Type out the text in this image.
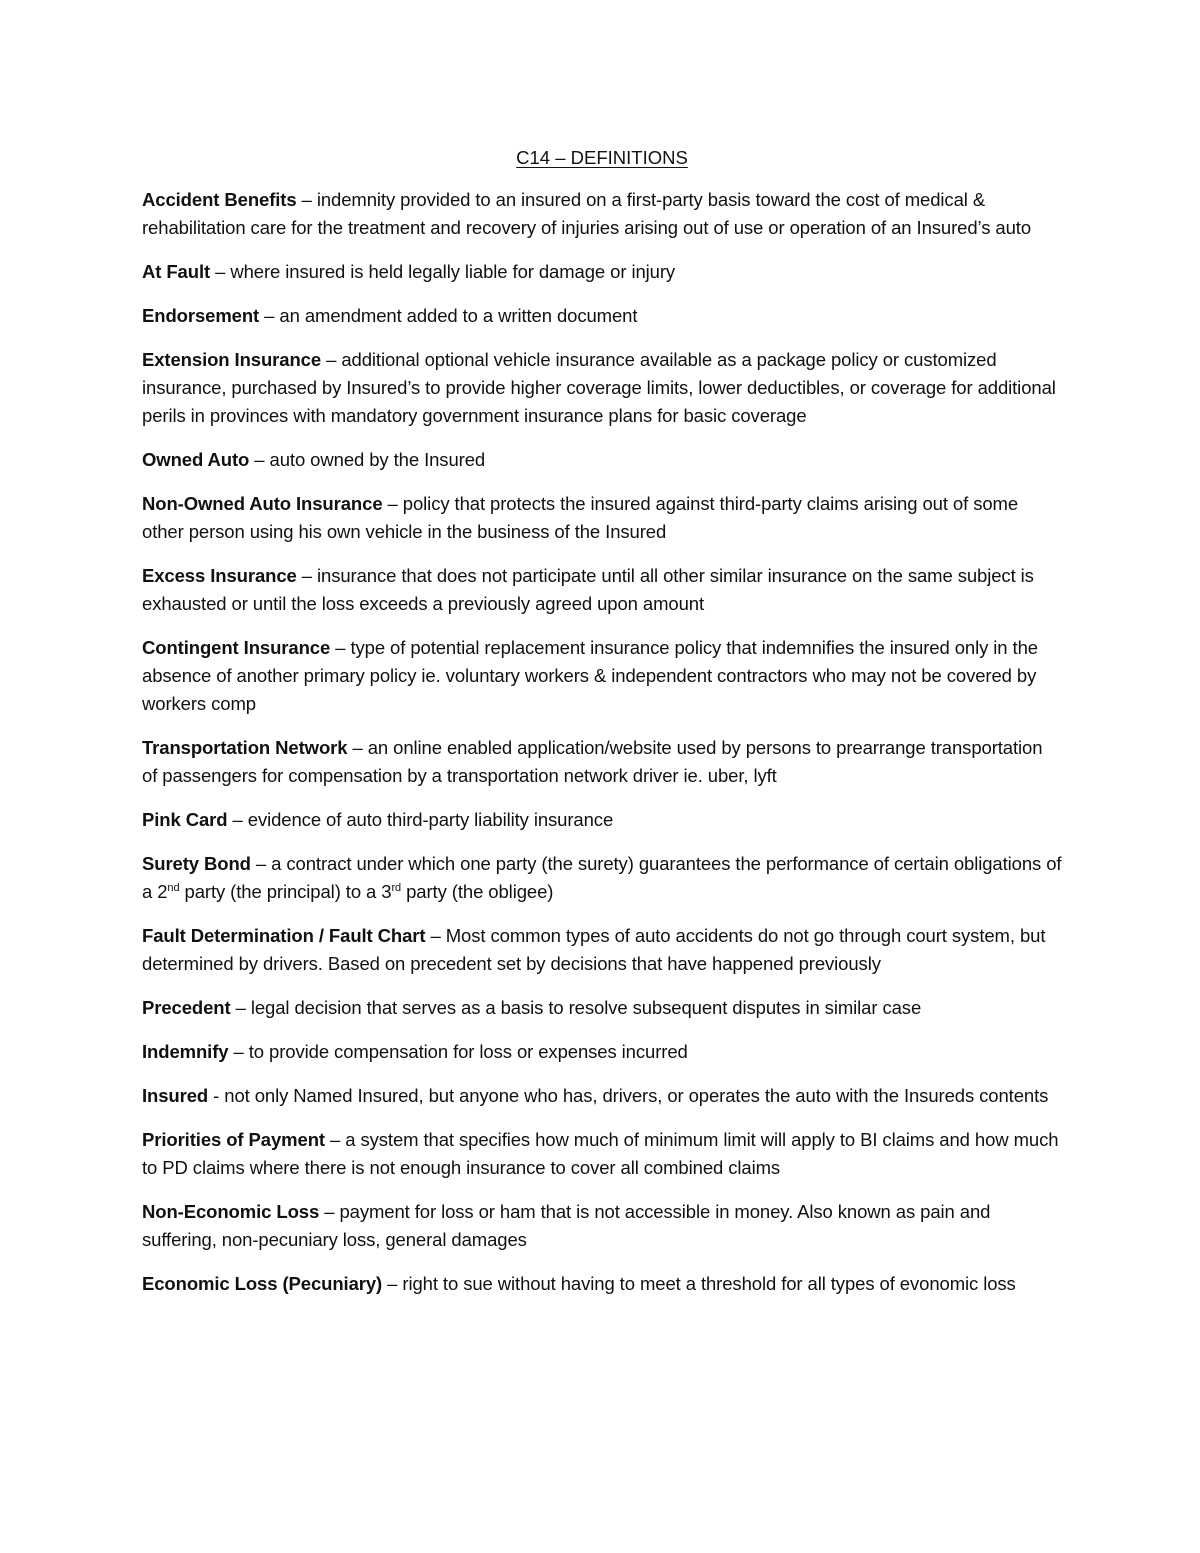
C14 – DEFINITIONS

Accident Benefits – indemnity provided to an insured on a first-party basis toward the cost of medical & rehabilitation care for the treatment and recovery of injuries arising out of use or operation of an Insured’s auto

At Fault – where insured is held legally liable for damage or injury

Endorsement – an amendment added to a written document

Extension Insurance – additional optional vehicle insurance available as a package policy or customized insurance, purchased by Insured’s to provide higher coverage limits, lower deductibles, or coverage for additional perils in provinces with mandatory government insurance plans for basic coverage

Owned Auto – auto owned by the Insured

Non-Owned Auto Insurance – policy that protects the insured against third-party claims arising out of some other person using his own vehicle in the business of the Insured

Excess Insurance – insurance that does not participate until all other similar insurance on the same subject is exhausted or until the loss exceeds a previously agreed upon amount

Contingent Insurance – type of potential replacement insurance policy that indemnifies the insured only in the absence of another primary policy ie. voluntary workers & independent contractors who may not be covered by workers comp

Transportation Network – an online enabled application/website used by persons to prearrange transportation of passengers for compensation by a transportation network driver ie. uber, lyft

Pink Card – evidence of auto third-party liability insurance

Surety Bond – a contract under which one party (the surety) guarantees the performance of certain obligations of a 2nd party (the principal) to a 3rd party (the obligee)

Fault Determination / Fault Chart – Most common types of auto accidents do not go through court system, but determined by drivers. Based on precedent set by decisions that have happened previously

Precedent – legal decision that serves as a basis to resolve subsequent disputes in similar case

Indemnify – to provide compensation for loss or expenses incurred

Insured - not only Named Insured, but anyone who has, drivers, or operates the auto with the Insureds contents

Priorities of Payment – a system that specifies how much of minimum limit will apply to BI claims and how much to PD claims where there is not enough insurance to cover all combined claims

Non-Economic Loss – payment for loss or ham that is not accessible in money. Also known as pain and suffering, non-pecuniary loss, general damages

Economic Loss (Pecuniary) – right to sue without having to meet a threshold for all types of evonomic loss
